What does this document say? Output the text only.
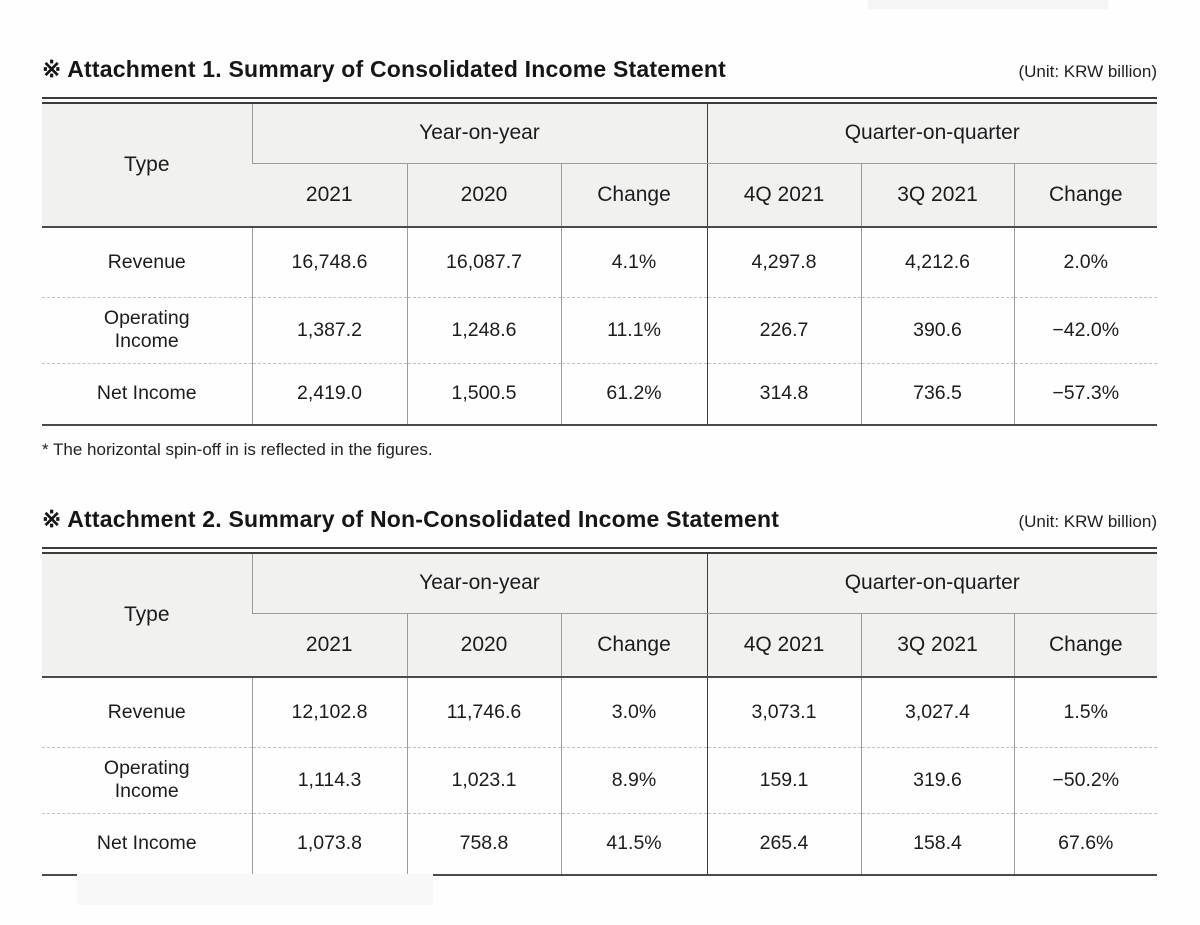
※ Attachment 1. Summary of Consolidated Income Statement	(Unit: KRW billion)
Type	Year-on-year			Quarter-on-quarter		
	2021	2020	Change	4Q 2021	3Q 2021	Change
Revenue	16,748.6	16,087.7	4.1%	4,297.8	4,212.6	2.0%
Operating Income	1,387.2	1,248.6	11.1%	226.7	390.6	−42.0%
Net Income	2,419.0	1,500.5	61.2%	314.8	736.5	−57.3%
* The horizontal spin-off in is reflected in the figures.
※ Attachment 2. Summary of Non-Consolidated Income Statement	(Unit: KRW billion)
Type	Year-on-year			Quarter-on-quarter		
	2021	2020	Change	4Q 2021	3Q 2021	Change
Revenue	12,102.8	11,746.6	3.0%	3,073.1	3,027.4	1.5%
Operating Income	1,114.3	1,023.1	8.9%	159.1	319.6	−50.2%
Net Income	1,073.8	758.8	41.5%	265.4	158.4	67.6%
